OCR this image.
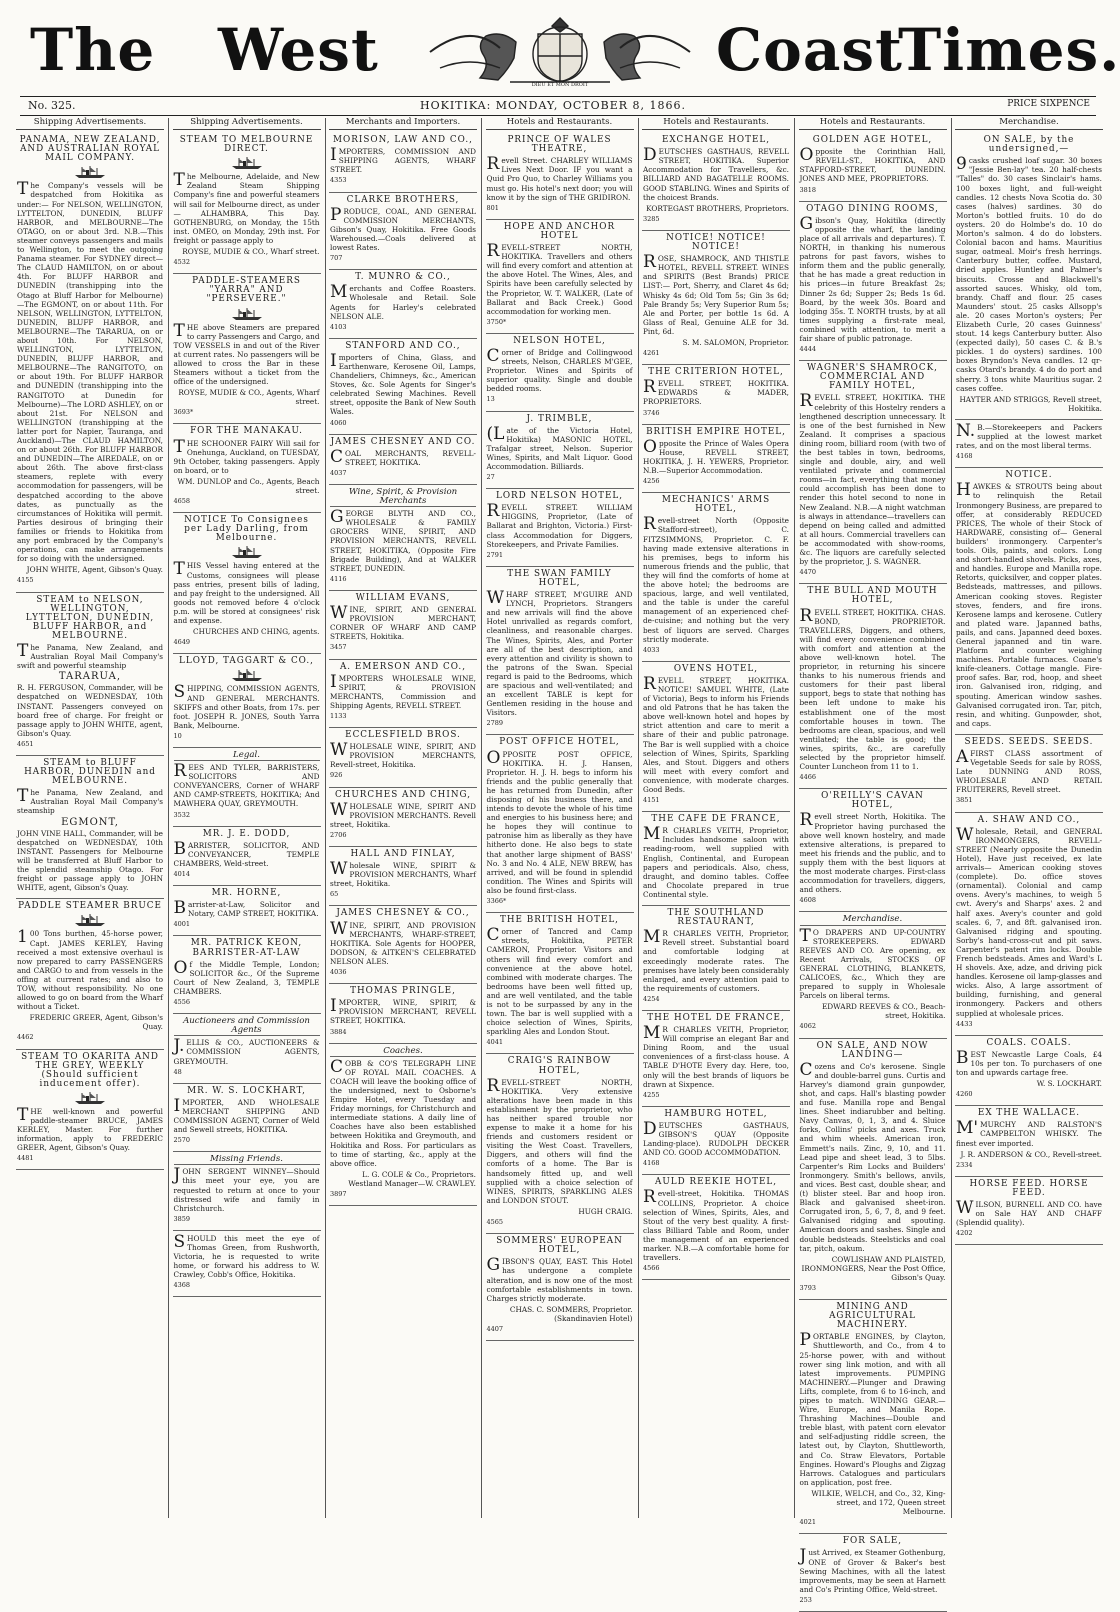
The West
DIEU ET MON DROIT
Coast
Times.
No. 325.	HOKITIKA: MONDAY, OCTOBER 8, 1866.	PRICE SIXPENCE
Shipping Advertisements.

PANAMA, NEW ZEALAND, AND AUSTRALIAN ROYAL MAIL COMPANY.

The Company's vessels will be despatched from Hokitika as under:— For NELSON, WELLINGTON, LYTTELTON, DUNEDIN, BLUFF HARBOR, and MELBOURNE—The OTAGO, on or about 3rd. N.B.—This steamer conveys passengers and mails to Wellington, to meet the outgoing Panama steamer. For SYDNEY direct—The CLAUD HAMILTON, on or about 4th. For BLUFF HARBOR and DUNEDIN (transhipping into the Otago at Bluff Harbor for Melbourne)—The EGMONT, on or about 11th. For NELSON, WELLINGTON, LYTTELTON, DUNEDIN, BLUFF HARBOR, and MELBOURNE—The TARARUA, on or about 10th. For NELSON, WELLINGTON, LYTTELTON, DUNEDIN, BLUFF HARBOR, and MELBOURNE—The RANGITOTO, on or about 19th. For BLUFF HARBOR and DUNEDIN (transhipping into the RANGITOTO at Dunedin for Melbourne)—The LORD ASHLEY, on or about 21st. For NELSON and WELLINGTON (transhipping at the latter port for Napier, Tauranga, and Auckland)—The CLAUD HAMILTON, on or about 26th. For BLUFF HARBOR and DUNEDIN—The AIREDALE, on or about 26th. The above first-class steamers, replete with every accommodation for passengers, will be despatched according to the above dates, as punctually as the circumstances of Hokitika will permit. Parties desirous of bringing their families or friends to Hokitika from any port embraced by the Company's operations, can make arrangements for so doing with the undersigned.

JOHN WHITE, Agent, Gibson's Quay.

4155

STEAM to NELSON, WELLINGTON, LYTTELTON, DUNEDIN, BLUFF HARBOR, and MELBOURNE.

The Panama, New Zealand, and Australian Royal Mail Company's swift and powerful steamship

TARARUA,

R. H. FERGUSON, Commander, will be despatched on WEDNESDAY, 10th INSTANT. Passengers conveyed on board free of charge. For freight or passage apply to JOHN WHITE, agent, Gibson's Quay.

4651

STEAM to BLUFF HARBOR, DUNEDIN and MELBOURNE.

The Panama, New Zealand, and Australian Royal Mail Company's steamship

EGMONT,

JOHN VINE HALL, Commander, will be despatched on WEDNESDAY, 10th INSTANT. Passengers for Melbourne will be transferred at Bluff Harbor to the splendid steamship Otago. For freight or passage apply to JOHN WHITE, agent, Gibson's Quay.

PADDLE STEAMER BRUCE

100 Tons burthen, 45-horse power, Capt. JAMES KERLEY, Having received a most extensive overhaul is now prepared to carry PASSENGERS and CARGO to and from vessels in the offing at current rates; and also to TOW, without responsibility. No one allowed to go on board from the Wharf without a Ticket.

FREDERIC GREER, Agent, Gibson's Quay.

4462

STEAM TO OKARITA AND THE GREY, WEEKLY (Should sufficient inducement offer).

THE well-known and powerful paddle-steamer BRUCE, JAMES KERLEY, Master. For further information, apply to FREDERIC GREER, Agent, Gibson's Quay.

4481

Shipping Advertisements.

STEAM TO MELBOURNE DIRECT.

The Melbourne, Adelaide, and New Zealand Steam Shipping Company's fine and powerful steamers will sail for Melbourne direct, as under— ALHAMBRA, This Day. GOTHENBURG, on Monday, the 15th inst. OMEO, on Monday, 29th inst. For freight or passage apply to

ROYSE, MUDIE & CO., Wharf street.

4532

PADDLE-STEAMERS "YARRA" AND "PERSEVERE."

THE above Steamers are prepared to carry Passengers and Cargo, and TOW VESSELS in and out of the River at current rates. No passengers will be allowed to cross the Bar in these Steamers without a ticket from the office of the undersigned.

ROYSE, MUDIE & CO., Agents, Wharf street.

3693*

FOR THE MANAKAU.

THE SCHOONER FAIRY Will sail for Onehunga, Auckland, on TUESDAY, 9th October, taking passengers. Apply on board, or to

WM. DUNLOP and Co., Agents, Beach street.

4658

NOTICE To Consignees per Lady Darling, from Melbourne.

THIS Vessel having entered at the Customs, consignees will please pass entries, present bills of lading, and pay freight to the undersigned. All goods not removed before 4 o'clock p.m. will be stored at consignees' risk and expense.

CHURCHES AND CHING, agents.

4649

LLOYD, TAGGART & CO.,

SHIPPING, COMMISSION AGENTS, AND GENERAL MERCHANTS. SKIFFS and other Boats, from 17s. per foot. JOSEPH R. JONES, South Yarra Bank, Melbourne.

10

Legal.

REES AND TYLER, BARRISTERS, SOLICITORS AND CONVEYANCERS, Corner of WHARF AND CAMP-STREETS, HOKITIKA; And MAWHERA QUAY, GREYMOUTH.

3532

MR. J. E. DODD,

BARRISTER, SOLICITOR, AND CONVEYANCER, TEMPLE CHAMBERS, Weld-street.

4014

MR. HORNE,

Barrister-at-Law, Solicitor and Notary, CAMP STREET, HOKITIKA.

4001

MR. PATRICK KEON, BARRISTER-AT-LAW

Of the Middle Temple, London; SOLICITOR &c., Of the Supreme Court of New Zealand, 3, TEMPLE CHAMBERS.

4556

Auctioneers and Commission Agents

J.ELLIS & CO., AUCTIONEERS & COMMISSION AGENTS, GREYMOUTH.

48

MR. W. S. LOCKHART,

IMPORTER, AND WHOLESALE MERCHANT SHIPPING AND COMMISSION AGENT, Corner of Weld and Sewell streets, HOKITIKA.

2570

Missing Friends.

JOHN SERGENT WINNEY—Should this meet your eye, you are requested to return at once to your distressed wife and family in Christchurch.

3859

SHOULD this meet the eye of Thomas Green, from Rushworth, Victoria, he is requested to write home, or forward his address to W. Crawley, Cobb's Office, Hokitika.

4368

Merchants and Importers.

MORISON, LAW AND CO.,

IMPORTERS, COMMISSION AND SHIPPING AGENTS, WHARF STREET.

4353

CLARKE BROTHERS,

PRODUCE, COAL, AND GENERAL COMMISSION MERCHANTS, Gibson's Quay, Hokitika. Free Goods Warehoused.—Coals delivered at lowest Rates.

707

T. MUNRO & CO.,

Merchants and Coffee Roasters. Wholesale and Retail. Sole Agents for Harley's celebrated NELSON ALE.

4103

STANFORD AND CO.,

Importers of China, Glass, and Earthenware, Kerosene Oil, Lamps, Chandeliers, Chimneys, &c., American Stoves, &c. Sole Agents for Singer's celebrated Sewing Machines. Revell street, opposite the Bank of New South Wales.

4060

JAMES CHESNEY AND CO.

COAL MERCHANTS, REVELL-STREET, HOKITIKA.

4037

Wine, Spirit, & Provision Merchants

GEORGE BLYTH AND CO., WHOLESALE & FAMILY GROCERS WINE, SPIRIT, AND PROVISION MERCHANTS, REVELL STREET, HOKITIKA, (Opposite Fire Brigade Building), And at WALKER STREET, DUNEDIN.

4116

WILLIAM EVANS,

WINE, SPIRIT, AND GENERAL PROVISION MERCHANT, CORNER OF WHARF AND CAMP STREETS, Hokitika.

3457

A. EMERSON AND CO.,

IMPORTERS WHOLESALE WINE, SPIRIT, & PROVISION MERCHANTS, Commission and Shipping Agents, REVELL STREET.

1133

ECCLESFIELD BROS.

WHOLESALE WINE, SPIRIT, AND PROVISION MERCHANTS, Revell-street, Hokitika.

926

CHURCHES AND CHING,

WHOLESALE WINE, SPIRIT AND PROVISION MERCHANTS. Revell street, Hokitika.

2706

HALL AND FINLAY,

Wholesale WINE, SPIRIT & PROVISION MERCHANTS, Wharf street, Hokitika.

65

JAMES CHESNEY & CO.,

WINE, SPIRIT, AND PROVISION MERCHANTS, WHARF-STREET, HOKITIKA. Sole Agents for HOOPER, DODSON, & AITKEN'S CELEBRATED NELSON ALES.

4036

THOMAS PRINGLE,

IMPORTER, WINE, SPIRIT, & PROVISION MERCHANT, REVELL STREET, HOKITIKA.

3884

Coaches.

COBB & CO'S TELEGRAPH LINE OF ROYAL MAIL COACHES. A COACH will leave the booking office of the undersigned, next to Osborne's Empire Hotel, every Tuesday and Friday mornings, for Christchurch and intermediate stations. A daily line of Coaches have also been established between Hokitika and Greymouth, and Hokitika and Ross. For particulars as to time of starting, &c., apply at the above office.

L. G. COLE & Co., Proprietors. Westland Manager—W. CRAWLEY.

3897

Hotels and Restaurants.

PRINCE OF WALES THEATRE,

Revell Street. CHARLEY WILLIAMS Lives Next Door. IF you want a Quid Pro Quo, to Charley Williams you must go. His hotel's next door; you will know it by the sign of THE GRIDIRON.

801

HOPE AND ANCHOR HOTEL

REVELL-STREET NORTH, HOKITIKA. Travellers and others will find every comfort and attention at the above Hotel. The Wines, Ales, and Spirits have been carefully selected by the Proprietor, W. T. WALKER, (Late of Ballarat and Back Creek.) Good accommodation for working men.

3750*

NELSON HOTEL,

Corner of Bridge and Collingwood streets, Nelson, CHARLES M'GEE, Proprietor. Wines and Spirits of superior quality. Single and double bedded rooms.

13

J. TRIMBLE,

(Late of the Victoria Hotel, Hokitika) MASONIC HOTEL, Trafalgar street, Nelson. Superior Wines, Spirits, and Malt Liquor. Good Accommodation. Billiards.

27

LORD NELSON HOTEL,

REVELL STREET. WILLIAM HIGGINS, Proprietor, (Late of Ballarat and Brighton, Victoria.) First-class Accommodation for Diggers, Storekeepers, and Private Families.

2791

THE SWAN FAMILY HOTEL,

WHARF STREET, M'GUIRE AND LYNCH, Proprietors. Strangers and new arrivals will find the above Hotel unrivalled as regards comfort, cleanliness, and reasonable charges. The Wines, Spirits, Ales, and Porter are all of the best description, and every attention and civility is shown to the patrons of the Swan. Special regard is paid to the Bedrooms, which are spacious and well-ventilated; and an excellent TABLE is kept for Gentlemen residing in the house and Visitors.

2789

POST OFFICE HOTEL,

OPPOSITE POST OFFICE, HOKITIKA. H. J. Hansen, Proprietor. H. J. H. begs to inform his friends and the public generally that he has returned from Dunedin, after disposing of his business there, and intends to devote the whole of his time and energies to his business here; and he hopes they will continue to patronise him as liberally as they have hitherto done. He also begs to state that another large shipment of BASS' No. 3 and No. 4 ALE, NEW BREW, has arrived, and will be found in splendid condition. The Wines and Spirits will also be found first-class.

3366*

THE BRITISH HOTEL,

Corner of Tancred and Camp streets, Hokitika, PETER CAMERON, Proprietor. Visitors and others will find every comfort and convenience at the above hotel, combined with moderate charges. The bedrooms have been well fitted up, and are well ventilated, and the table is not to be surpassed by any in the town. The bar is well supplied with a choice selection of Wines, Spirits, sparkling Ales and London Stout.

4041

CRAIG'S RAINBOW HOTEL,

REVELL-STREET NORTH, HOKITIKA. Very extensive alterations have been made in this establishment by the proprietor, who has neither spared trouble nor expense to make it a home for his friends and customers resident or visiting the West Coast. Travellers, Diggers, and others will find the comforts of a home. The Bar is handsomely fitted up, and well supplied with a choice selection of WINES, SPIRITS, SPARKLING ALES and LONDON STOUT.

HUGH CRAIG.

4565

SOMMERS' EUROPEAN HOTEL,

GIBSON'S QUAY, EAST. This Hotel has undergone a complete alteration, and is now one of the most comfortable establishments in town. Charges strictly moderate.

CHAS. C. SOMMERS, Proprietor. (Skandinavien Hotel)

4407

Hotels and Restaurants.

EXCHANGE HOTEL,

DEUTSCHES GASTHAUS, REVELL STREET, HOKITIKA. Superior Accommodation for Travellers, &c. BILLIARD AND BAGATELLE ROOMS. GOOD STABLING. Wines and Spirits of the choicest Brands.

KORTEGAST BROTHERS, Proprietors.

3285

NOTICE! NOTICE! NOTICE!

ROSE, SHAMROCK, AND THISTLE HOTEL, REVELL STREET. WINES and SPIRITS (Best Brands) PRICE LIST:— Port, Sherry, and Claret 4s 6d; Whisky 4s 6d; Old Tom 5s; Gin 3s 6d; Pale Brandy 5s; Very Superior Rum 5s; Ale and Porter, per bottle 1s 6d. A Glass of Real, Genuine ALE for 3d. Pint, 6d.

S. M. SALOMON, Proprietor.

4261

THE CRITERION HOTEL,

REVELL STREET, HOKITIKA. EDWARDS & MADER, PROPRIETORS.

3746

BRITISH EMPIRE HOTEL,

Opposite the Prince of Wales Opera House, REVELL STREET, HOKITIKA, J. H. YEWERS, Proprietor. N.B.—Superior Accommodation.

4256

MECHANICS' ARMS HOTEL,

Revell-street North (Opposite Stafford-street), C. FITZSIMMONS, Proprietor. C. F. having made extensive alterations in his premises, begs to inform his numerous friends and the public, that they will find the comforts of home at the above hotel; the bedrooms are spacious, large, and well ventilated, and the table is under the careful management of an experienced chef-de-cuisine; and nothing but the very best of liquors are served. Charges strictly moderate.

4033

OVENS HOTEL,

REVELL STREET, HOKITIKA. NOTICE! SAMUEL WHITE, (Late of Victoria), Begs to inform his Friends and old Patrons that he has taken the above well-known hotel and hopes by strict attention and care to merit a share of their and public patronage. The Bar is well supplied with a choice selection of Wines, Spirits, Sparkling Ales, and Stout. Diggers and others will meet with every comfort and convenience, with moderate charges. Good Beds.

4151

THE CAFE DE FRANCE,

MR CHARLES VEITH, Proprietor, Includes handsome saloon with reading-room, well supplied with English, Continental, and European papers and periodicals. Also, chess, draught, and domino tables. Coffee and Chocolate prepared in true Continental style.

THE SOUTHLAND RESTAURANT,

MR CHARLES VEITH, Proprietor, Revell street. Substantial board and comfortable lodging at exceedingly moderate rates. The premises have lately been considerably enlarged, and every attention paid to the requirements of customers.

4254

THE HOTEL DE FRANCE,

MR CHARLES VEITH, Proprietor, Will comprise an elegant Bar and Dining Room, and the usual conveniences of a first-class house. A TABLE D'HOTE Every day. Here, too, only will the best brands of liquors be drawn at Sixpence.

4255

HAMBURG HOTEL,

DEUTSCHES GASTHAUS, GIBSON'S QUAY (Opposite Landing-place). RUDOLPH DECKER AND CO. GOOD ACCOMMODATION.

4168

AULD REEKIE HOTEL,

Revell-street, Hokitika. THOMAS COLLINS, Proprietor. A choice selection of Wines, Spirits, Ales, and Stout of the very best quality. A first-class Billiard Table and Room, under the management of an experienced marker. N.B.—A comfortable home for travellers.

4566

Hotels and Restaurants.

GOLDEN AGE HOTEL,

Opposite the Corinthian Hall, REVELL-ST., HOKITIKA, AND STAFFORD-STREET, DUNEDIN. JONES AND MEE, PROPRIETORS.

3818

OTAGO DINING ROOMS,

Gibson's Quay, Hokitika (directly opposite the wharf, the landing place of all arrivals and departures). T. NORTH, in thanking his numerous patrons for past favors, wishes to inform them and the public generally, that he has made a great reduction in his prices—in future Breakfast 2s; Dinner 2s 6d; Supper 2s; Beds 1s 6d. Board, by the week 30s. Board and lodging 35s. T. NORTH trusts, by at all times supplying a first-rate meal, combined with attention, to merit a fair share of public patronage.

4444

WAGNER'S SHAMROCK, COMMERCIAL AND FAMILY HOTEL,

REVELL STREET, HOKITIKA. THE celebrity of this Hostelry renders a lengthened description unnecessary. It is one of the best furnished in New Zealand. It comprises a spacious dining room, billiard room (with two of the best tables in town, bedrooms, single and double, airy, and well ventilated private and commercial rooms—in fact, everything that money could accomplish has been done to render this hotel second to none in New Zealand. N.B.—A night watchman is always in attendance—travellers can depend on being called and admitted at all hours. Commercial travellers can be accommodated with show-rooms, &c. The liquors are carefully selected by the proprietor, J. S. WAGNER.

4470

THE BULL AND MOUTH HOTEL,

REVELL STREET, HOKITIKA. CHAS. BOND, PROPRIETOR. TRAVELLERS, Diggers, and others, will find every convenience combined with comfort and attention at the above well-known hotel. The proprietor, in returning his sincere thanks to his numerous friends and customers for their past liberal support, begs to state that nothing has been left undone to make his establishment one of the most comfortable houses in town. The bedrooms are clean, spacious, and well ventilated; the table is good; the wines, spirits, &c., are carefully selected by the proprietor himself. Counter Luncheon from 11 to 1.

4466

O'REILLY'S CAVAN HOTEL,

Revell street North, Hokitika. The Proprietor having purchased the above well known hostelry, and made extensive alterations, is prepared to meet his friends and the public, and to supply them with the best liquors at the most moderate charges. First-class accommodation for travellers, diggers, and others.

4608

Merchandise.

TO DRAPERS AND UP-COUNTRY STOREKEEPERS. EDWARD REEVES AND CO. Are opening, ex Recent Arrivals, STOCKS OF GENERAL CLOTHING, BLANKETS, CALICOES, &c., Which they are prepared to supply in Wholesale Parcels on liberal terms.

EDWARD REEVES & CO., Beach-street, Hokitika.

4062

ON SALE, AND NOW LANDING—

Cozens and Co's kerosene. Single and double-barrel guns. Curtis and Harvey's diamond grain gunpowder, shot, and caps. Hall's blasting powder and fuse. Manilla rope and Bengal lines. Sheet indiarubber and belting. Navy Canvas, 0, 1, 3, and 4. Sluice forks, Collins' picks and axes. Truck and whim wheels. American iron, Emmett's nails. Zinc, 9, 10, and 11. Lead pipe and sheet lead, 3 to 5lbs. Carpenter's Rim Locks and Builders' Ironmongery. Smith's bellows, anvils, and vices. Best cast, double shear, and (t) blister steel. Bar and hoop iron. Black and galvanised sheet-iron. Corrugated iron, 5, 6, 7, 8, and 9 feet. Galvanised ridging and spouting. American doors and sashes. Single and double bedsteads. Steelsticks and coal tar, pitch, oakum.

COWLISHAW AND PLAISTED, IRONMONGERS, Near the Post Office, Gibson's Quay.

3793

MINING AND AGRICULTURAL MACHINERY.

PORTABLE ENGINES, by Clayton, Shuttleworth, and Co., from 4 to 25-horse power, with and without rower sing link motion, and with all latest improvements. PUMPING MACHINERY.—Plunger and Drawing Lifts, complete, from 6 to 16-inch, and pipes to match. WINDING GEAR.—Wire, Europe, and Manila Rope. Thrashing Machines—Double and treble blast, with patent corn elevator and self-adjusting riddle screen, the latest out, by Clayton, Shuttleworth, and Co. Straw Elevators, Portable Engines. Howard's Ploughs and Zigzag Harrows. Catalogues and particulars on application, post free.

WILKIE, WELCH, and Co., 32, King-street, and 172, Queen street Melbourne.

4021

FOR SALE,

Just Arrived, ex Steamer Gothenburg, ONE of Grover & Baker's best Sewing Machines, with all the latest improvements, may be seen at Harnett and Co's Printing Office, Weld-street.

253

Merchandise.

ON SALE, by the undersigned,—

9casks crushed loaf sugar. 30 boxes "Jessie Ben-lay" tea. 20 half-chests "Talles" do. 30 cases Sinclair's hams. 100 boxes light, and full-weight candles. 12 chests Nova Scotia do. 30 cases (halves) sardines. 30 do Morton's bottled fruits. 10 do do oysters. 20 do Holmbe's do. 10 do Morton's salmon. 4 do do lobsters. Colonial bacon and hams. Mauritius sugar, oatmeal. Moir's fresh herrings. Canterbury butter, coffee. Mustard, dried apples. Huntley and Palmer's biscuits. Crosse and Blackwell's assorted sauces. Whisky, old tom, brandy. Chaff and flour. 25 cases Maunders' stout. 25 casks Allsopp's ale. 20 cases Morton's oysters; Per Elizabeth Curle, 20 cases Guinness' stout. 14 kegs Canterbury butter. Also (expected daily), 50 cases C. & B.'s pickles. 1 do oysters) sardines. 100 boxes Bryndon's Neva candles. 12 qr-casks Otard's brandy. 4 do do port and sherry. 3 tons white Mauritius sugar. 2 cases coffee.

HAYTER AND STRIGGS, Revell street, Hokitika.

N.B.—Storekeepers and Packers supplied at the lowest market rates, and on the most liberal terms.

4168

NOTICE.

HAWKES & STROUTS being about to relinquish the Retail Ironmongery Business, are prepared to offer, at considerably REDUCED PRICES, The whole of their Stock of HARDWARE, consisting of— General builders' ironmongery. Carpenter's tools. Oils, paints, and colors. Long and short-handled shovels. Picks, axes, and handles. Europe and Manilla rope. Retorts, quicksilver, and copper plates. Bedsteads, mattresses, and pillows. American cooking stoves. Register stoves, fenders, and fire irons. Kerosene lamps and kerosene. Cutlery and plated ware. Japanned baths, pails, and cans. Japanned deed boxes. General japanned and tin ware. Platform and counter weighing machines. Portable furnaces. Coane's knife-cleaners. Cottage mangle. Fire-proof safes. Bar, rod, hoop, and sheet iron. Galvanised iron, ridging, and spouting. American window sashes. Galvanised corrugated iron. Tar, pitch, resin, and whiting. Gunpowder, shot, and caps.

SEEDS. SEEDS. SEEDS.

AFIRST CLASS assortment of Vegetable Seeds for sale by ROSS, Late DUNNING AND ROSS, WHOLESALE AND RETAIL FRUITERERS, Revell street.

3851

A. SHAW AND CO.,

Wholesale, Retail, and GENERAL IRONMONGERS, REVELL-STREET (Nearly opposite the Dunedin Hotel), Have just received, ex late arrivals— American cooking stoves (complete). Do. office stoves (ornamental). Colonial and camp ovens. Avery's machines, to weigh 5 cwt. Avery's and Sharps' axes. 2 and half axes. Avery's counter and gold scales. 6, 7, and 8ft. galvanised iron. Galvanised ridging and spouting. Sorby's hand-cross-cut and pit saws. Carpenter's patent rim locks. Double French bedsteads. Ames and Ward's L H shovels. Axe, adze, and driving pick handles. Kerosene oil lamp-glasses and wicks. Also, A large assortment of building, furnishing, and general ironmongery. Packers and others supplied at wholesale prices.

4433

COALS. COALS.

BEST Newcastle Large Coals, £4 10s per ton. To purchasers of one ton and upwards cartage free.

W. S. LOCKHART.

4260

EX THE WALLACE.

M'MURCHY AND RALSTON'S CAMPBELTON WHISKY. The finest ever imported.

J. R. ANDERSON & CO., Revell-street.

2334

HORSE FEED. HORSE FEED.

WILSON, BURNELL AND CO. have on Sale HAY AND CHAFF (Splendid quality).

4202
